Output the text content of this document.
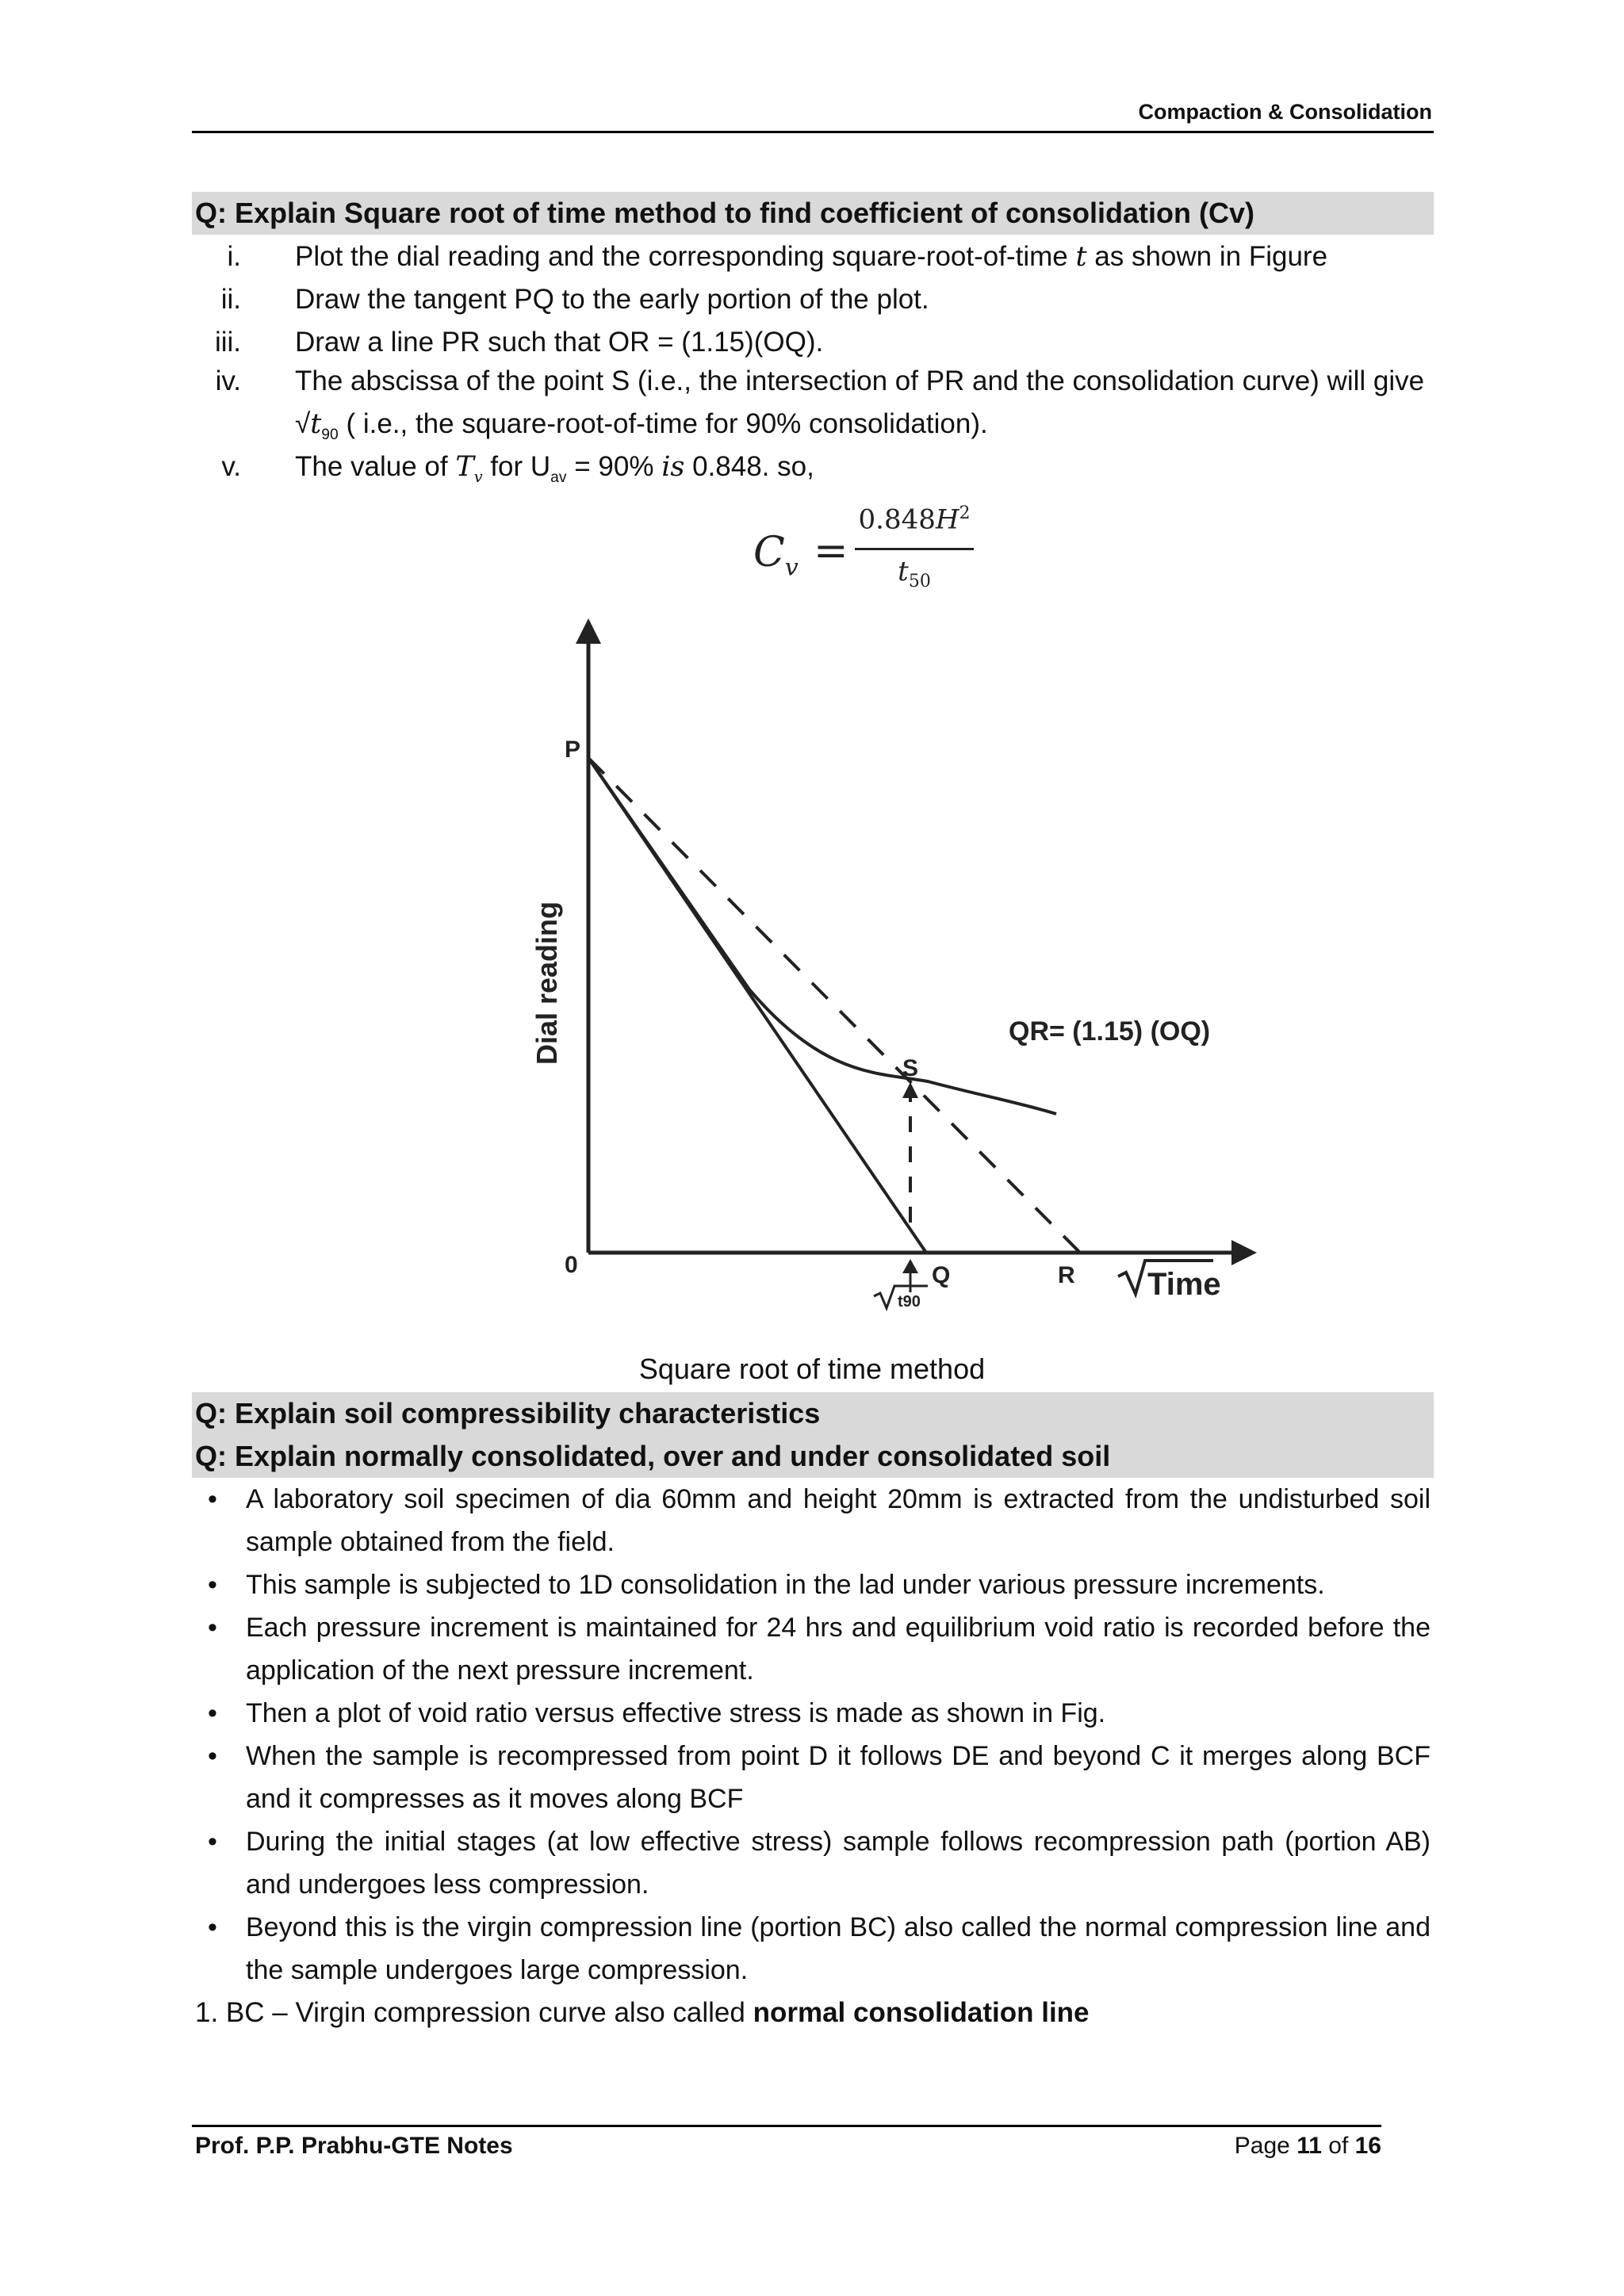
Compaction & Consolidation
Q: Explain Square root of time method to find coefficient of consolidation (Cv)
i. Plot the dial reading and the corresponding square-root-of-time t as shown in Figure
ii. Draw the tangent PQ to the early portion of the plot.
iii. Draw a line PR such that OR = (1.15)(OQ).
iv. The abscissa of the point S (i.e., the intersection of PR and the consolidation curve) will give
$√t_{90}$ ( i.e., the square-root-of-time for 90% consolidation).
v. The value of $T_v$ for $U_{av} = 90\%$ is 0.848. so,
$C_v$ =
$0.848H^2$
$t_{50}$
t90
P
0	Q	R
S
Time
QR= (1.15) (OQ)
Dial reading
Square root of time method
Q: Explain soil compressibility characteristics
Q: Explain normally consolidated, over and under consolidated soil
• A laboratory soil specimen of dia 60mm and height 20mm is extracted from the undisturbed soil sample obtained from the field.
• This sample is subjected to 1D consolidation in the lad under various pressure increments.
• Each pressure increment is maintained for 24 hrs and equilibrium void ratio is recorded before the application of the next pressure increment.
• Then a plot of void ratio versus effective stress is made as shown in Fig.
• When the sample is recompressed from point D it follows DE and beyond C it merges along BCF and it compresses as it moves along BCF
• During the initial stages (at low effective stress) sample follows recompression path (portion AB) and undergoes less compression.
• Beyond this is the virgin compression line (portion BC) also called the normal compression line and the sample undergoes large compression.
1. BC – Virgin compression curve also called normal consolidation line
Prof. P.P. Prabhu-GTE Notes	Page 11 of 16
